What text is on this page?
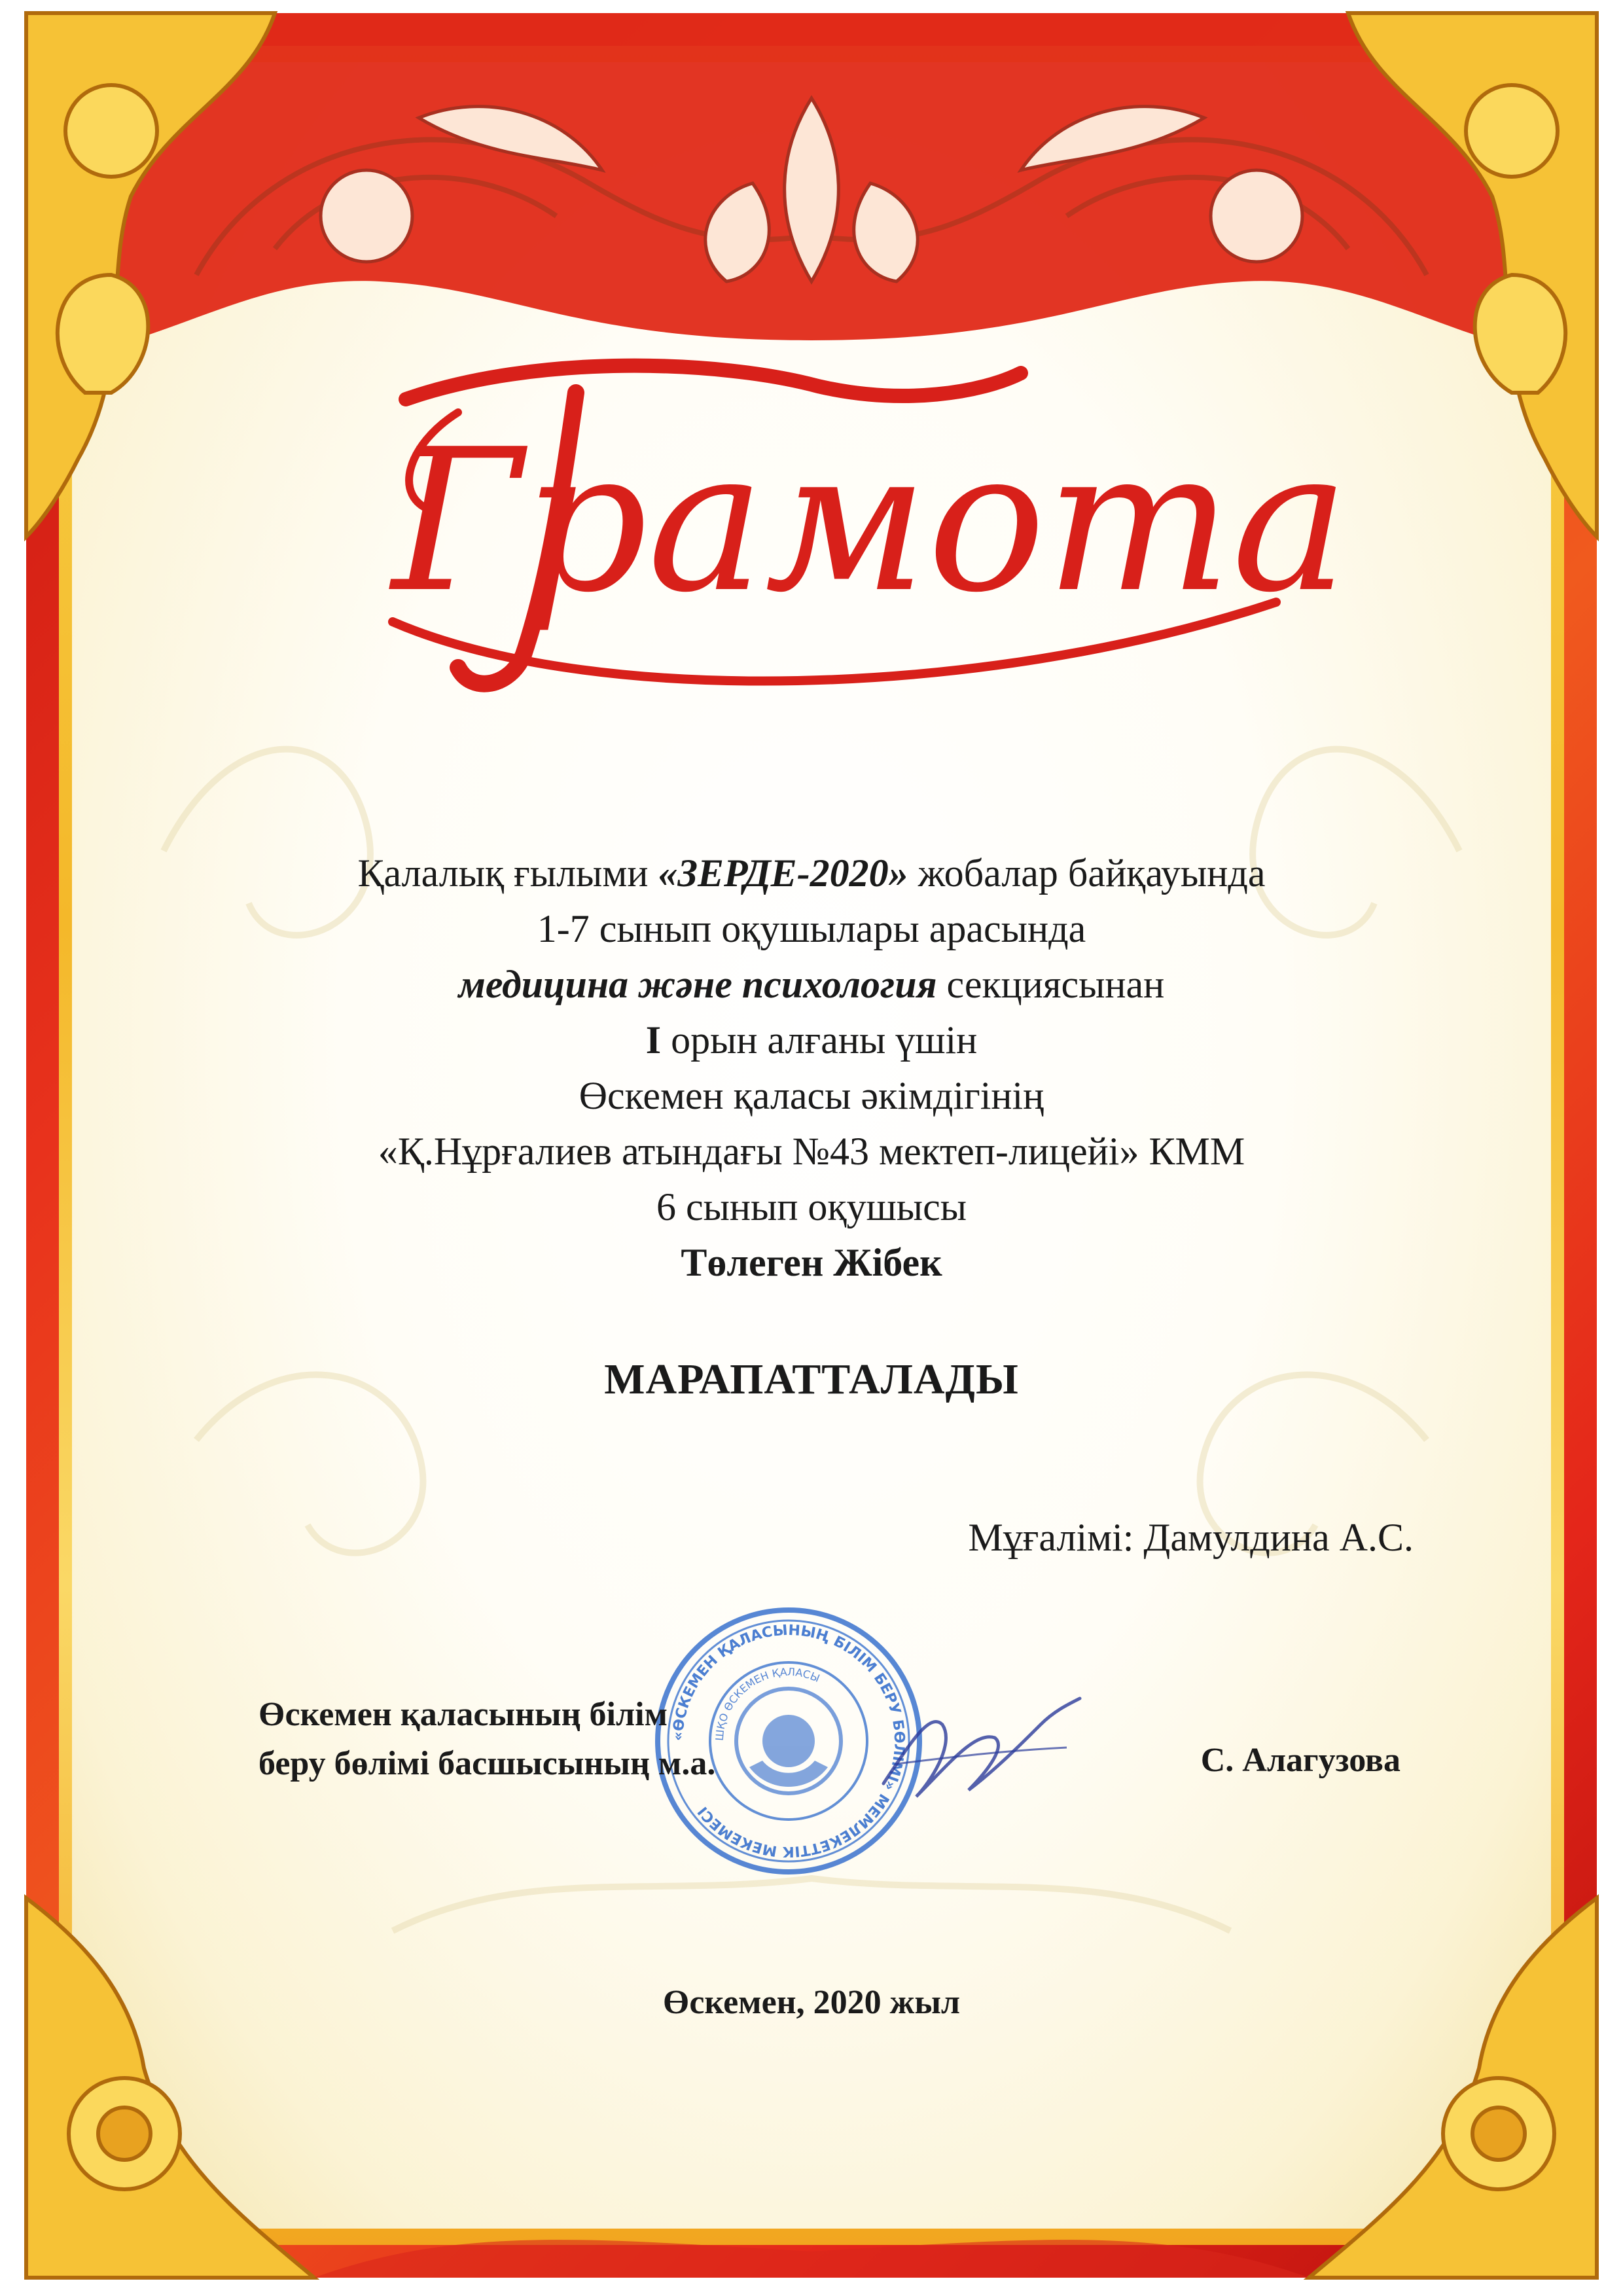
Грамота
Қалалық ғылыми «ЗЕРДЕ-2020» жобалар байқауында
1-7 сынып оқушылары арасында
медицина және психология секциясынан
I орын алғаны үшін
Өскемен қаласы әкімдігінің
«Қ.Нұрғалиев атындағы №43 мектеп-лицейі» КММ
6 сынып оқушысы
Төлеген Жібек
МАРАПАТТАЛАДЫ
Мұғалімі: Дамулдина А.С.
«ӨСКЕМЕН ҚАЛАСЫНЫҢ БІЛІМ БЕРУ БӨЛІМІ» МЕМЛЕКЕТТІК МЕКЕМЕСІ
ШҚО ӨСКЕМЕН ҚАЛАСЫ
Өскемен қаласының білім
беру бөлімі басшысының м.а.	С. Алагузова
Өскемен, 2020 жыл
